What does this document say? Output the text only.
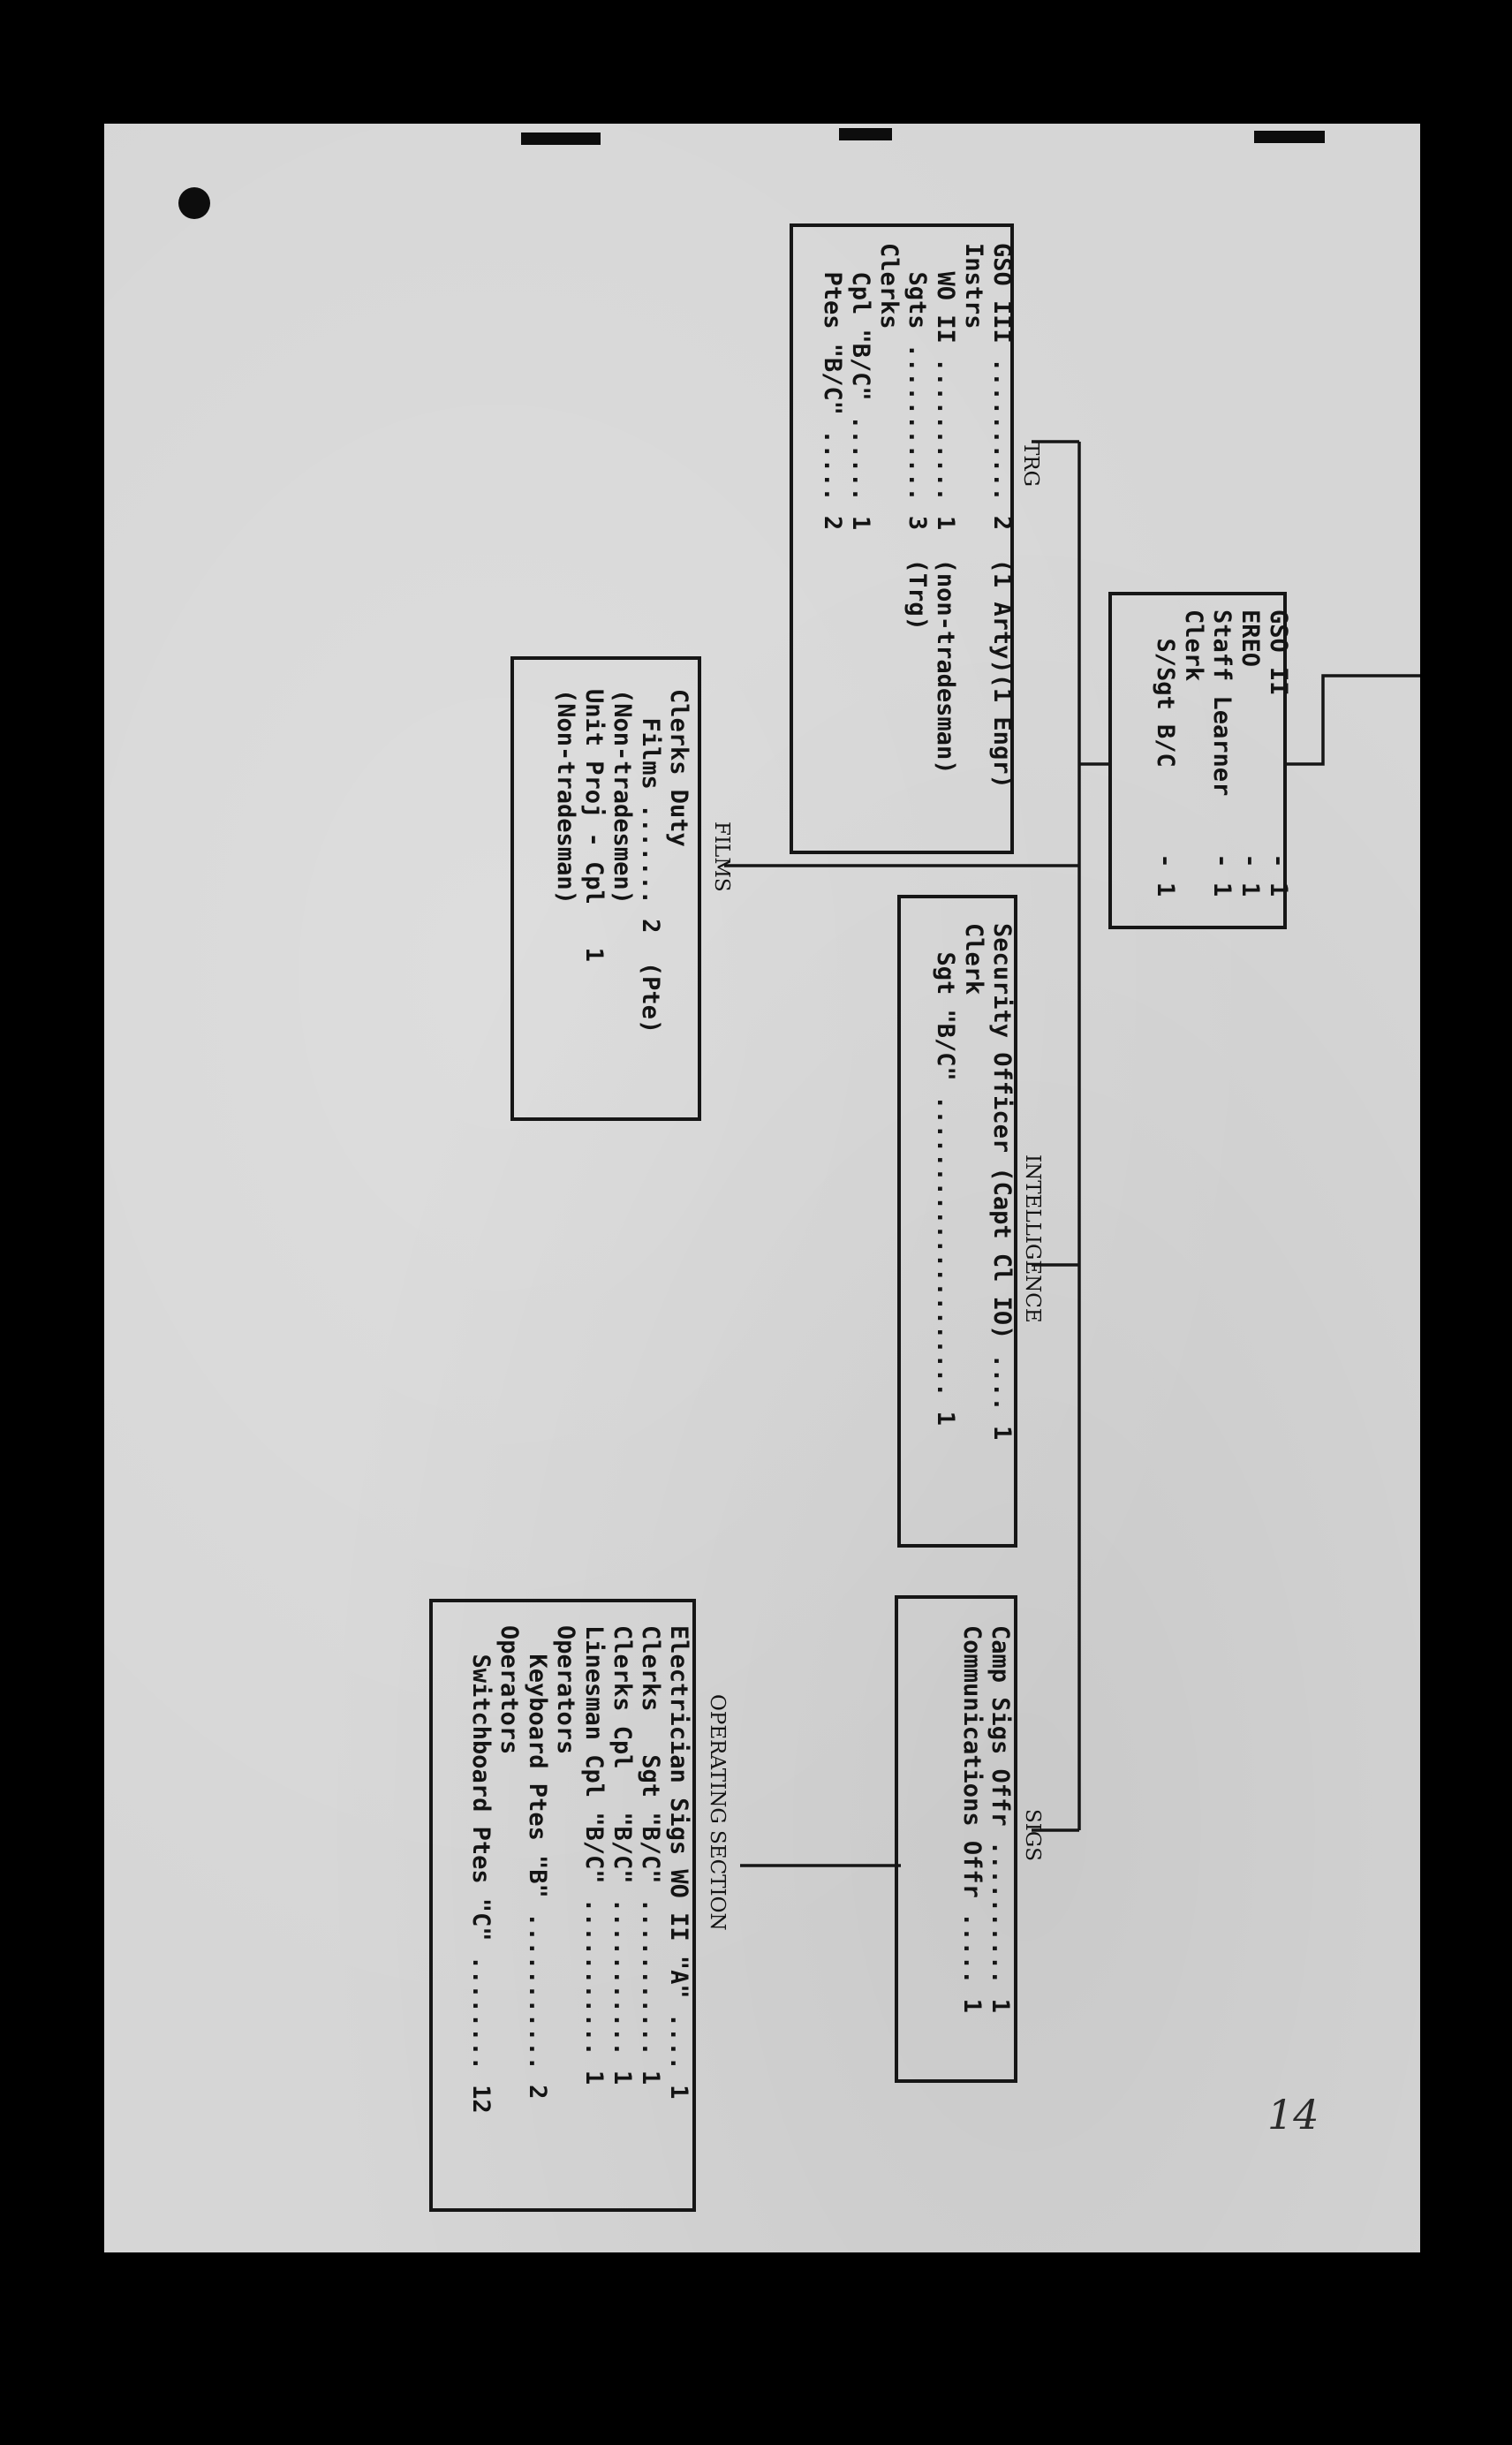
GSO II           - 1
EREO             - 1
Staff Learner    - 1
Clerk
S/Sgt B/C      - 1
TRG
GSO III .......... 2  (1 Arty)(1 Engr)
Instrs
WO II .......... 1  (non-tradesman)
Sgts ........... 3  (Trg)
Clerks
Cpl "B/C" ...... 1
Ptes "B/C" ..... 2
FILMS
Clerks Duty
Films ....... 2  (Pte)
(Non-tradesmen)
Unit Proj - Cpl   1
(Non-tradesman)
INTELLIGENCE
Security Officer (Capt Cl IO) .... 1
Clerk
Sgt "B/C" ..................... 1
SIGS
Camp Sigs Offr .......... 1
Communications Offr ..... 1
OPERATING SECTION
Electrician Sigs WO II "A" .... 1
Clerks   Sgt "B/C" ........... 1
Clerks Cpl   "B/C" ........... 1
Linesman Cpl "B/C" ........... 1
Operators
Keyboard Ptes "B" ........... 2
Operators
Switchboard Ptes "C" ........ 12
14
